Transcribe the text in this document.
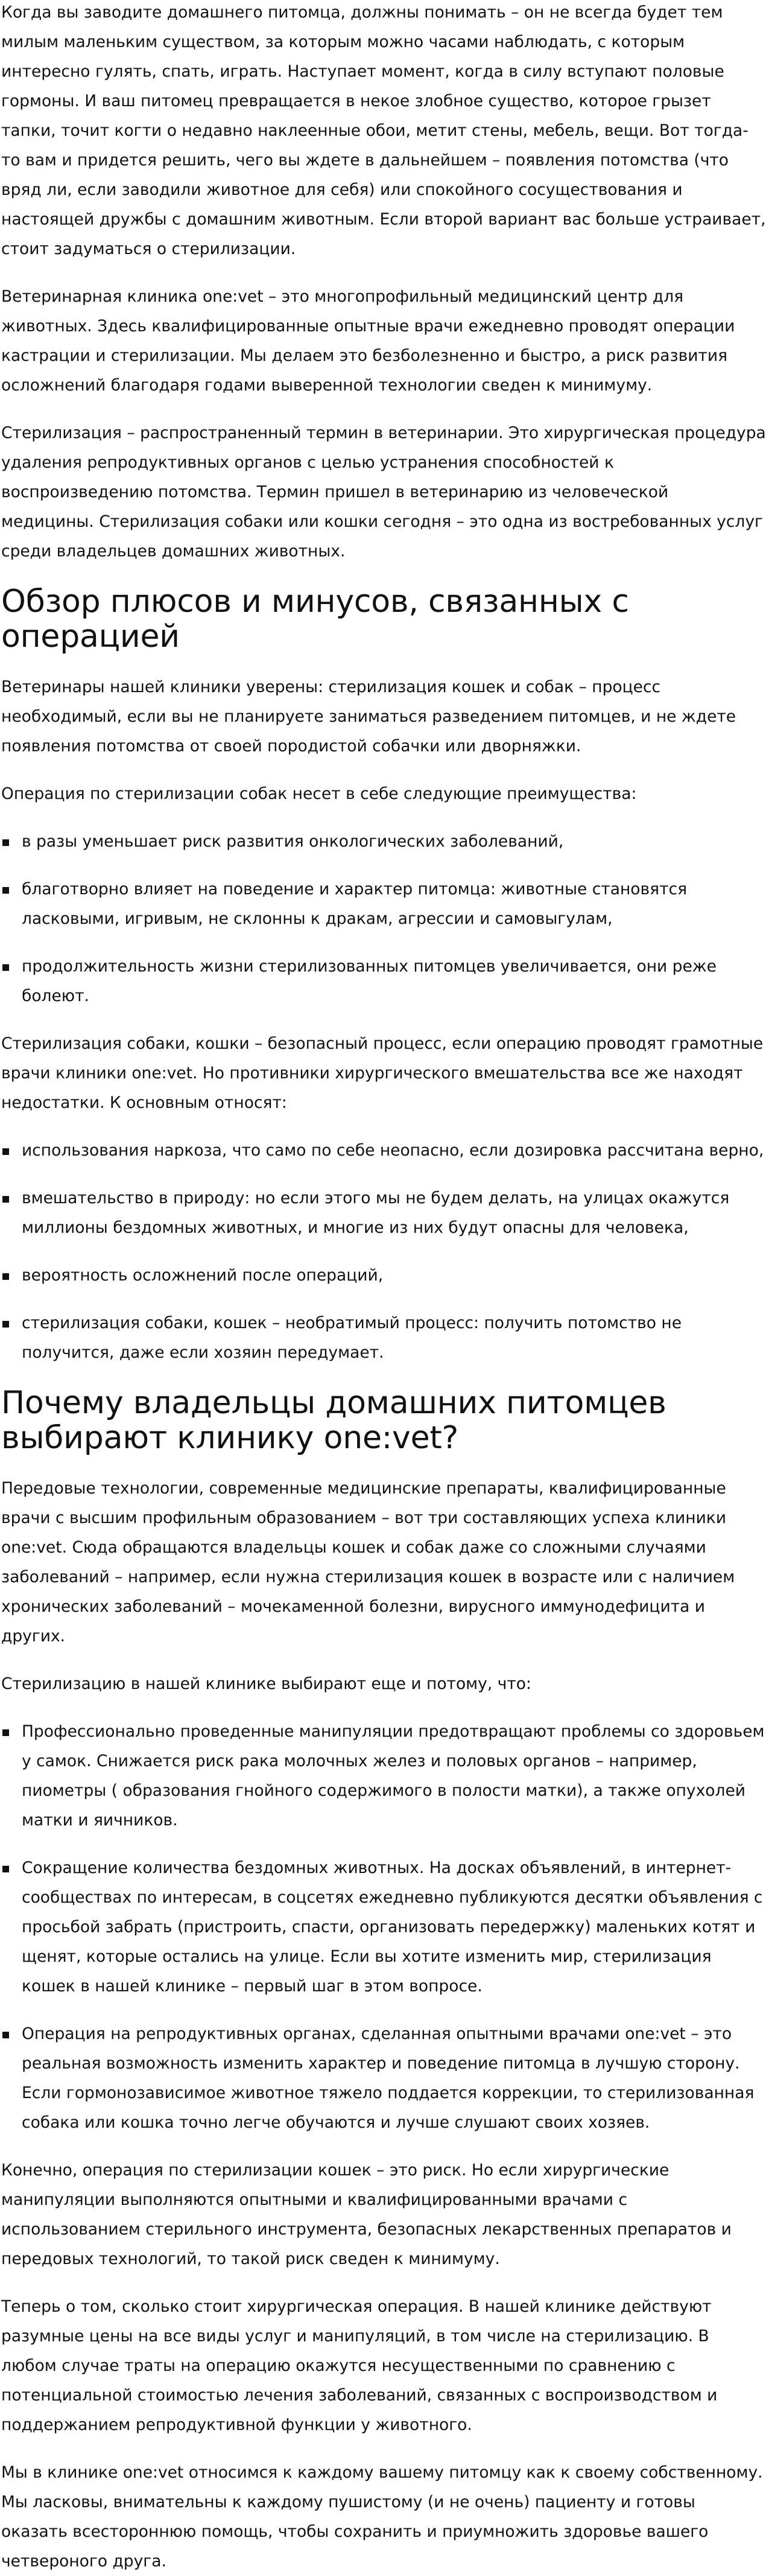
Когда вы заводите домашнего питомца, должны понимать – он не всегда будет тем милым маленьким существом, за которым можно часами наблюдать, с которым интересно гулять, спать, играть. Наступает момент, когда в силу вступают половые гормоны. И ваш питомец превращается в некое злобное существо, которое грызет тапки, точит когти о недавно наклеенные обои, метит стены, мебель, вещи. Вот тогда-то вам и придется решить, чего вы ждете в дальнейшем – появления потомства (что вряд ли, если заводили животное для себя) или спокойного сосуществования и настоящей дружбы с домашним животным. Если второй вариант вас больше устраивает, стоит задуматься о стерилизации.

Ветеринарная клиника one:vet – это многопрофильный медицинский центр для животных. Здесь квалифицированные опытные врачи ежедневно проводят операции кастрации и стерилизации. Мы делаем это безболезненно и быстро, а риск развития осложнений благодаря годами выверенной технологии сведен к минимуму.

Стерилизация – распространенный термин в ветеринарии. Это хирургическая процедура удаления репродуктивных органов с целью устранения способностей к воспроизведению потомства. Термин пришел в ветеринарию из человеческой медицины. Стерилизация собаки или кошки сегодня – это одна из востребованных услуг среди владельцев домашних животных.

Обзор плюсов и минусов, связанных с операцией

Ветеринары нашей клиники уверены: стерилизация кошек и собак – процесс необходимый, если вы не планируете заниматься разведением питомцев, и не ждете появления потомства от своей породистой собачки или дворняжки.

Операция по стерилизации собак несет в себе следующие преимущества:

в разы уменьшает риск развития онкологических заболеваний,
благотворно влияет на поведение и характер питомца: животные становятся ласковыми, игривым, не склонны к дракам, агрессии и самовыгулам,
продолжительность жизни стерилизованных питомцев увеличивается, они реже болеют.

Стерилизация собаки, кошки – безопасный процесс, если операцию проводят грамотные врачи клиники one:vet. Но противники хирургического вмешательства все же находят недостатки. К основным относят:

использования наркоза, что само по себе неопасно, если дозировка рассчитана верно,
вмешательство в природу: но если этого мы не будем делать, на улицах окажутся миллионы бездомных животных, и многие из них будут опасны для человека,
вероятность осложнений после операций,
стерилизация собаки, кошек – необратимый процесс: получить потомство не получится, даже если хозяин передумает.
Почему владельцы домашних питомцев выбирают клинику one:vet?

Передовые технологии, современные медицинские препараты, квалифицированные врачи с высшим профильным образованием – вот три составляющих успеха клиники one:vet. Сюда обращаются владельцы кошек и собак даже со сложными случаями заболеваний – например, если нужна стерилизация кошек в возрасте или с наличием хронических заболеваний – мочекаменной болезни, вирусного иммунодефицита и других.

Стерилизацию в нашей клинике выбирают еще и потому, что:

Профессионально проведенные манипуляции предотвращают проблемы со здоровьем у самок. Снижается риск рака молочных желез и половых органов – например, пиометры ( образования гнойного содержимого в полости матки), а также опухолей матки и яичников.
Сокращение количества бездомных животных. На досках объявлений, в интернет-сообществах по интересам, в соцсетях ежедневно публикуются десятки объявления с просьбой забрать (пристроить, спасти, организовать передержку) маленьких котят и щенят, которые остались на улице. Если вы хотите изменить мир, стерилизация кошек в нашей клинике – первый шаг в этом вопросе.
Операция на репродуктивных органах, сделанная опытными врачами one:vet – это реальная возможность изменить характер и поведение питомца в лучшую сторону. Если гормонозависимое животное тяжело поддается коррекции, то стерилизованная собака или кошка точно легче обучаются и лучше слушают своих хозяев.

Конечно, операция по стерилизации кошек – это риск. Но если хирургические манипуляции выполняются опытными и квалифицированными врачами с использованием стерильного инструмента, безопасных лекарственных препаратов и передовых технологий, то такой риск сведен к минимуму.

Теперь о том, сколько стоит хирургическая операция. В нашей клинике действуют разумные цены на все виды услуг и манипуляций, в том числе на стерилизацию. В любом случае траты на операцию окажутся несущественными по сравнению с потенциальной стоимостью лечения заболеваний, связанных с воспроизводством и поддержанием репродуктивной функции у животного.

Мы в клинике one:vet относимся к каждому вашему питомцу как к своему собственному. Мы ласковы, внимательны к каждому пушистому (и не очень) пациенту и готовы оказать всестороннюю помощь, чтобы сохранить и приумножить здоровье вашего четвероного друга.
